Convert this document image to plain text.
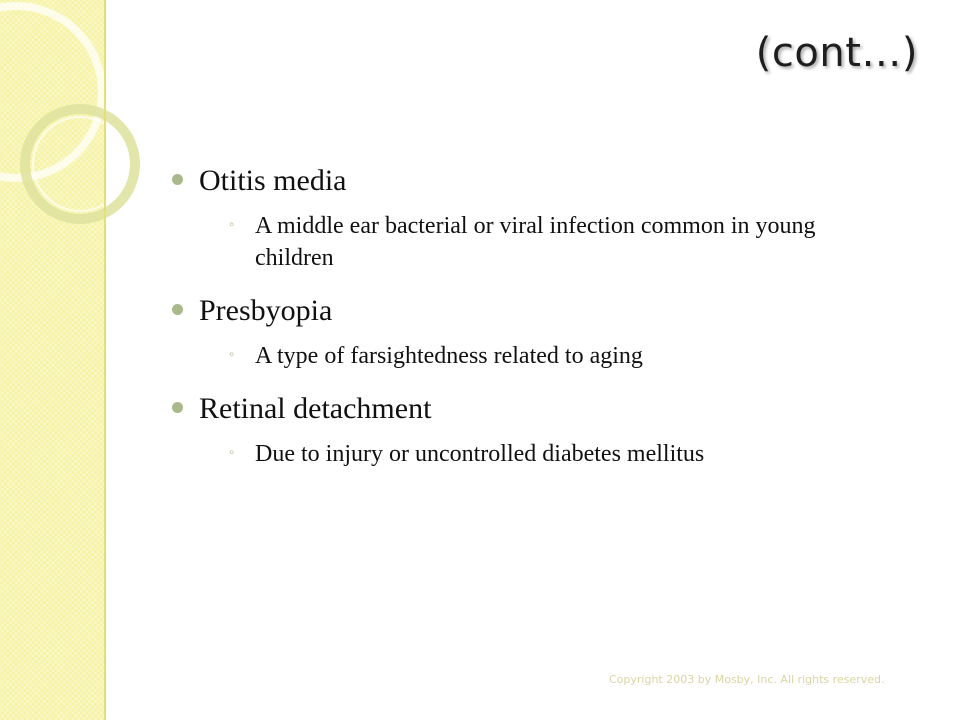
(cont…)
Otitis media
◦ A middle ear bacterial or viral infection common in young children
Presbyopia
◦ A type of farsightedness related to aging
Retinal detachment
◦ Due to injury or uncontrolled diabetes mellitus
Copyright 2003 by Mosby, Inc. All rights reserved.
